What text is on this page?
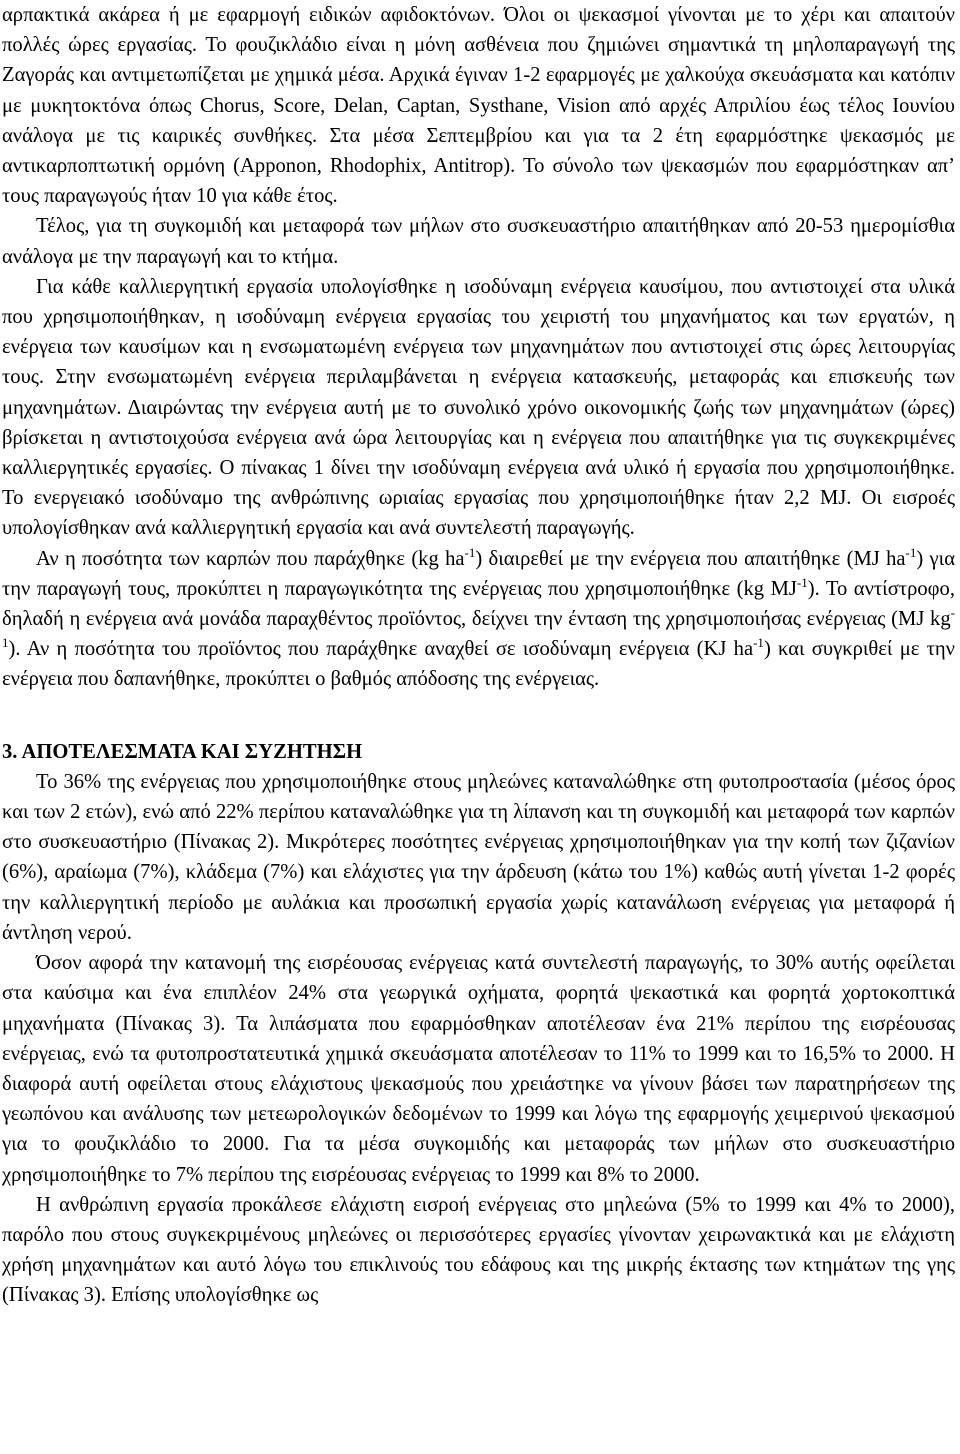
αρπακτικά ακάρεα ή με εφαρμογή ειδικών αφιδοκτόνων. Όλοι οι ψεκασμοί γίνονται με το χέρι και απαιτούν πολλές ώρες εργασίας. Το φουζικλάδιο είναι η μόνη ασθένεια που ζημιώνει σημαντικά τη μηλοπαραγωγή της Ζαγοράς και αντιμετωπίζεται με χημικά μέσα. Αρχικά έγιναν 1-2 εφαρμογές με χαλκούχα σκευάσματα και κατόπιν με μυκητοκτόνα όπως Chorus, Score, Delan, Captan, Systhane, Vision από αρχές Απριλίου έως τέλος Ιουνίου ανάλογα με τις καιρικές συνθήκες. Στα μέσα Σεπτεμβρίου και για τα 2 έτη εφαρμόστηκε ψεκασμός με αντικαρποπτωτική ορμόνη (Apponon, Rhodophix, Antitrop). Το σύνολο των ψεκασμών που εφαρμόστηκαν απ’ τους παραγωγούς ήταν 10 για κάθε έτος.

Τέλος, για τη συγκομιδή και μεταφορά των μήλων στο συσκευαστήριο απαιτήθηκαν από 20-53 ημερομίσθια ανάλογα με την παραγωγή και το κτήμα.

Για κάθε καλλιεργητική εργασία υπολογίσθηκε η ισοδύναμη ενέργεια καυσίμου, που αντιστοιχεί στα υλικά που χρησιμοποιήθηκαν, η ισοδύναμη ενέργεια εργασίας του χειριστή του μηχανήματος και των εργατών, η ενέργεια των καυσίμων και η ενσωματωμένη ενέργεια των μηχανημάτων που αντιστοιχεί στις ώρες λειτουργίας τους. Στην ενσωματωμένη ενέργεια περιλαμβάνεται η ενέργεια κατασκευής, μεταφοράς και επισκευής των μηχανημάτων. Διαιρώντας την ενέργεια αυτή με το συνολικό χρόνο οικονομικής ζωής των μηχανημάτων (ώρες) βρίσκεται η αντιστοιχούσα ενέργεια ανά ώρα λειτουργίας και η ενέργεια που απαιτήθηκε για τις συγκεκριμένες καλλιεργητικές εργασίες. Ο πίνακας 1 δίνει την ισοδύναμη ενέργεια ανά υλικό ή εργασία που χρησιμοποιήθηκε. Το ενεργειακό ισοδύναμο της ανθρώπινης ωριαίας εργασίας που χρησιμοποιήθηκε ήταν 2,2 MJ. Οι εισροές υπολογίσθηκαν ανά καλλιεργητική εργασία και ανά συντελεστή παραγωγής.

Αν η ποσότητα των καρπών που παράχθηκε (kg $ha^{-1}$) διαιρεθεί με την ενέργεια που απαιτήθηκε (MJ $ha^{-1}$) για την παραγωγή τους, προκύπτει η παραγωγικότητα της ενέργειας που χρησιμοποιήθηκε (kg $MJ^{-1}$). Το αντίστροφο, δηλαδή η ενέργεια ανά μονάδα παραχθέντος προϊόντος, δείχνει την ένταση της χρησιμοποιήσας ενέργειας (MJ $kg^{-1}$). Αν η ποσότητα του προϊόντος που παράχθηκε αναχθεί σε ισοδύναμη ενέργεια (KJ $ha^{-1}$) και συγκριθεί με την ενέργεια που δαπανήθηκε, προκύπτει ο βαθμός απόδοσης της ενέργειας.

3. ΑΠΟΤΕΛΕΣΜΑΤΑ ΚΑΙ ΣΥΖΗΤΗΣΗ

Το 36% της ενέργειας που χρησιμοποιήθηκε στους μηλεώνες καταναλώθηκε στη φυτοπροστασία (μέσος όρος και των 2 ετών), ενώ από 22% περίπου καταναλώθηκε για τη λίπανση και τη συγκομιδή και μεταφορά των καρπών στο συσκευαστήριο (Πίνακας 2). Μικρότερες ποσότητες ενέργειας χρησιμοποιήθηκαν για την κοπή των ζιζανίων (6%), αραίωμα (7%), κλάδεμα (7%) και ελάχιστες για την άρδευση (κάτω του 1%) καθώς αυτή γίνεται 1-2 φορές την καλλιεργητική περίοδο με αυλάκια και προσωπική εργασία χωρίς κατανάλωση ενέργειας για μεταφορά ή άντληση νερού.

Όσον αφορά την κατανομή της εισρέουσας ενέργειας κατά συντελεστή παραγωγής, το 30% αυτής οφείλεται στα καύσιμα και ένα επιπλέον 24% στα γεωργικά οχήματα, φορητά ψεκαστικά και φορητά χορτοκοπτικά μηχανήματα (Πίνακας 3). Τα λιπάσματα που εφαρμόσθηκαν αποτέλεσαν ένα 21% περίπου της εισρέουσας ενέργειας, ενώ τα φυτοπροστατευτικά χημικά σκευάσματα αποτέλεσαν το 11% το 1999 και το 16,5% το 2000. Η διαφορά αυτή οφείλεται στους ελάχιστους ψεκασμούς που χρειάστηκε να γίνουν βάσει των παρατηρήσεων της γεωπόνου και ανάλυσης των μετεωρολογικών δεδομένων το 1999 και λόγω της εφαρμογής χειμερινού ψεκασμού για το φουζικλάδιο το 2000. Για τα μέσα συγκομιδής και μεταφοράς των μήλων στο συσκευαστήριο χρησιμοποιήθηκε το 7% περίπου της εισρέουσας ενέργειας το 1999 και 8% το 2000.

Η ανθρώπινη εργασία προκάλεσε ελάχιστη εισροή ενέργειας στο μηλεώνα (5% το 1999 και 4% το 2000), παρόλο που στους συγκεκριμένους μηλεώνες οι περισσότερες εργασίες γίνονταν χειρωνακτικά και με ελάχιστη χρήση μηχανημάτων και αυτό λόγω του επικλινούς του εδάφους και της μικρής έκτασης των κτημάτων της γης (Πίνακας 3). Επίσης υπολογίσθηκε ως
